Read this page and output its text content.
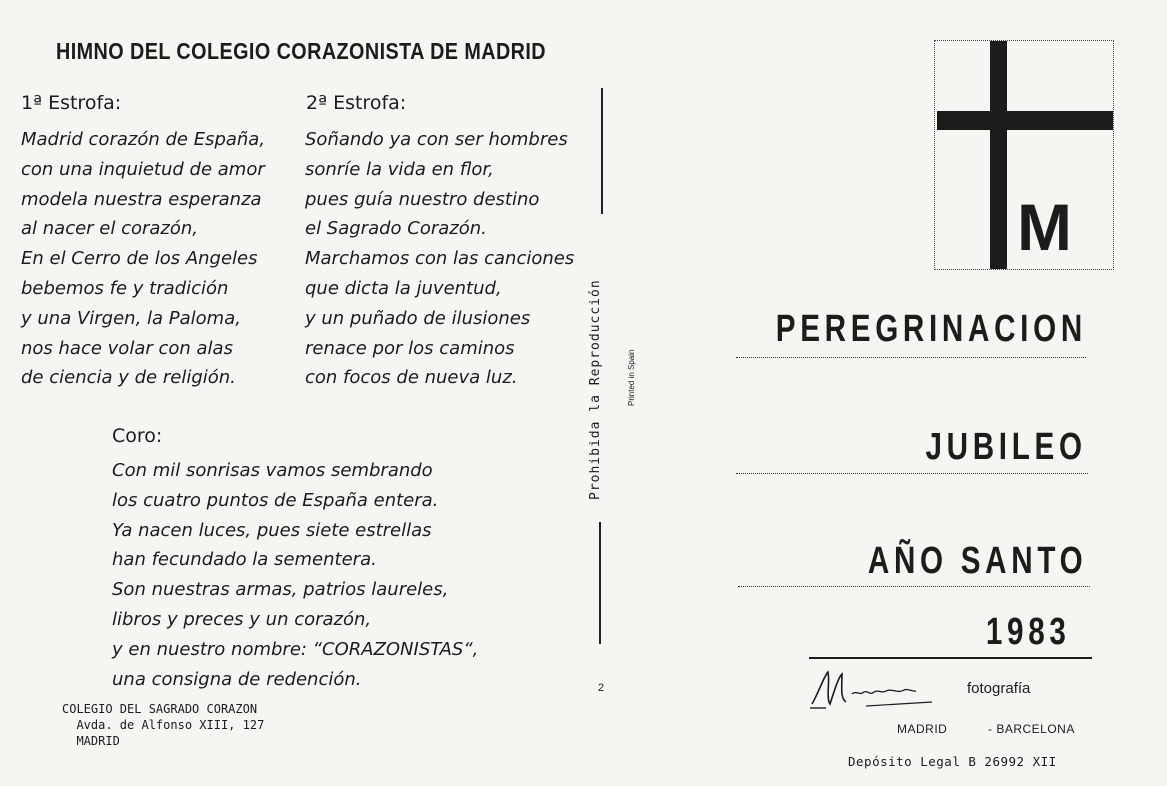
HIMNO DEL COLEGIO CORAZONISTA DE MADRID
1ª Estrofa:
Madrid corazón de España,
con una inquietud de amor
modela nuestra esperanza
al nacer el corazón,
En el Cerro de los Angeles
bebemos fe y tradición
y una Virgen, la Paloma,
nos hace volar con alas
de ciencia y de religión.
2ª Estrofa:
Soñando ya con ser hombres
sonríe la vida en flor,
pues guía nuestro destino
el Sagrado Corazón.
Marchamos con las canciones
que dicta la juventud,
y un puñado de ilusiones
renace por los caminos
con focos de nueva luz.
Coro:
Con mil sonrisas vamos sembrando
los cuatro puntos de España entera.
Ya nacen luces, pues siete estrellas
han fecundado la sementera.
Son nuestras armas, patrios laureles,
libros y preces y un corazón,
y en nuestro nombre: “CORAZONISTAS“,
una consigna de redención.
COLEGIO DEL SAGRADO CORAZON
Avda. de Alfonso XIII, 127
MADRID
Prohibida la Reproducción	Printed in Spain
2
M
PEREGRINACION
JUBILEO
AÑO SANTO
1983
Minerva
fotografía
MADRID	- BARCELONA
Depósito Legal B 26992 XII
